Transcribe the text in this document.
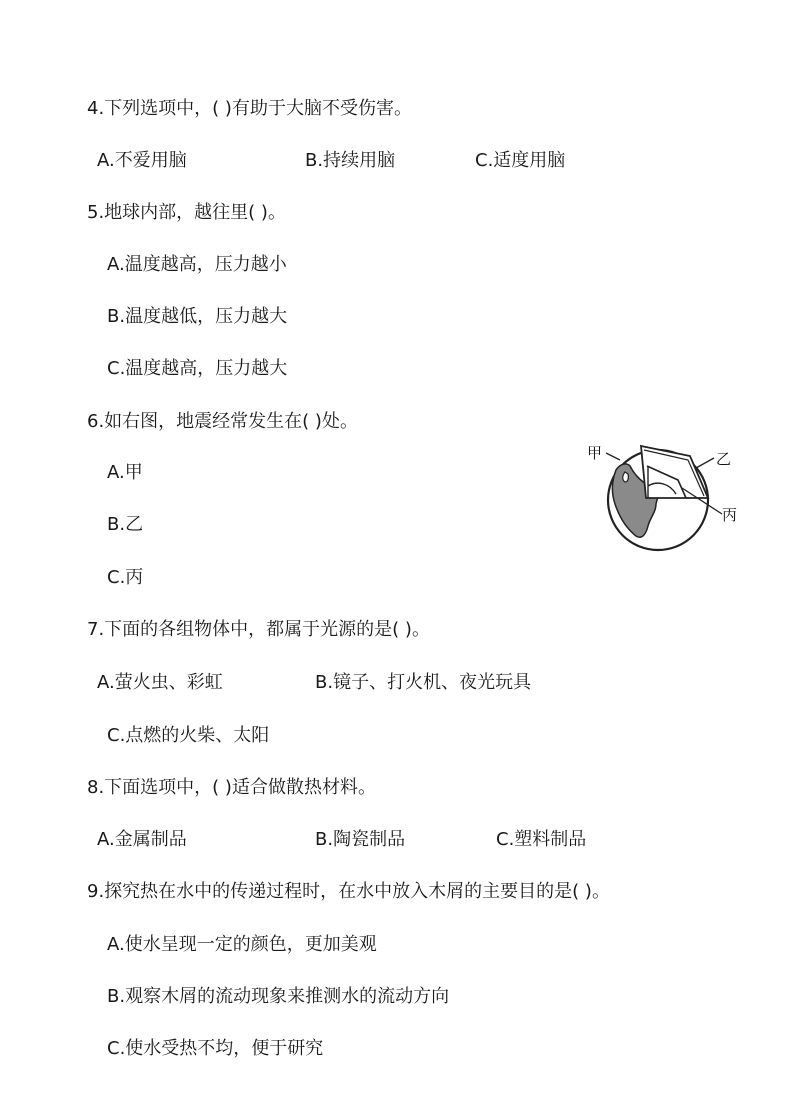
4.下列选项中，( )有助于大脑不受伤害。
A.不爱用脑	B.持续用脑	C.适度用脑
5.地球内部，越往里( )。
A.温度越高，压力越小
B.温度越低，压力越大
C.温度越高，压力越大
6.如右图，地震经常发生在( )处。
A.甲
B.乙
C.丙
甲	乙
丙
7.下面的各组物体中，都属于光源的是( )。
A.萤火虫、彩虹	B.镜子、打火机、夜光玩具
C.点燃的火柴、太阳
8.下面选项中，( )适合做散热材料。
A.金属制品	B.陶瓷制品	C.塑料制品
9.探究热在水中的传递过程时，在水中放入木屑的主要目的是( )。
A.使水呈现一定的颜色，更加美观
B.观察木屑的流动现象来推测水的流动方向
C.使水受热不均，便于研究
